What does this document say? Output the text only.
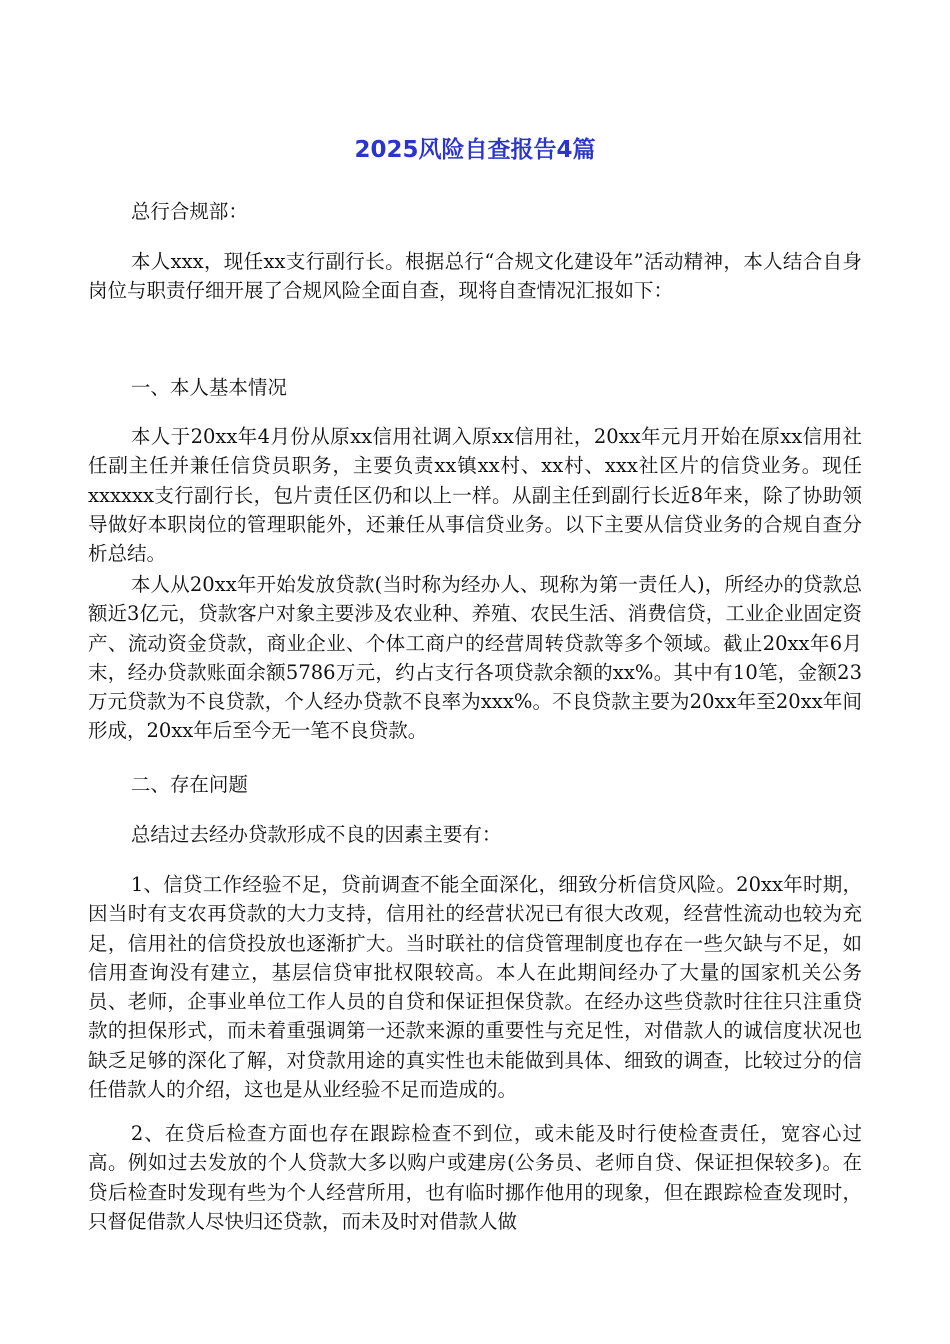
2025风险自查报告4篇

总行合规部：

本人xxx，现任xx支行副行长。根据总行“合规文化建设年”活动精神，本人结合自身岗位与职责仔细开展了合规风险全面自查，现将自查情况汇报如下：

一、本人基本情况

本人于20xx年4月份从原xx信用社调入原xx信用社，20xx年元月开始在原xx信用社任副主任并兼任信贷员职务，主要负责xx镇xx村、xx村、xxx社区片的信贷业务。现任xxxxxx支行副行长，包片责任区仍和以上一样。从副主任到副行长近8年来，除了协助领导做好本职岗位的管理职能外，还兼任从事信贷业务。以下主要从信贷业务的合规自查分析总结。

本人从20xx年开始发放贷款(当时称为经办人、现称为第一责任人)，所经办的贷款总额近3亿元，贷款客户对象主要涉及农业种、养殖、农民生活、消费信贷，工业企业固定资产、流动资金贷款，商业企业、个体工商户的经营周转贷款等多个领域。截止20xx年6月末，经办贷款账面余额5786万元，约占支行各项贷款余额的xx%。其中有10笔，金额23万元贷款为不良贷款，个人经办贷款不良率为xxx%。不良贷款主要为20xx年至20xx年间形成，20xx年后至今无一笔不良贷款。

二、存在问题

总结过去经办贷款形成不良的因素主要有：

1、信贷工作经验不足，贷前调查不能全面深化，细致分析信贷风险。20xx年时期，因当时有支农再贷款的大力支持，信用社的经营状况已有很大改观，经营性流动也较为充足，信用社的信贷投放也逐渐扩大。当时联社的信贷管理制度也存在一些欠缺与不足，如信用查询没有建立，基层信贷审批权限较高。本人在此期间经办了大量的国家机关公务员、老师，企事业单位工作人员的自贷和保证担保贷款。在经办这些贷款时往往只注重贷款的担保形式，而未着重强调第一还款来源的重要性与充足性，对借款人的诚信度状况也缺乏足够的深化了解，对贷款用途的真实性也未能做到具体、细致的调查，比较过分的信任借款人的介绍，这也是从业经验不足而造成的。

2、在贷后检查方面也存在跟踪检查不到位，或未能及时行使检查责任，宽容心过高。例如过去发放的个人贷款大多以购户或建房(公务员、老师自贷、保证担保较多)。在贷后检查时发现有些为个人经营所用，也有临时挪作他用的现象，但在跟踪检查发现时，只督促借款人尽快归还贷款，而未及时对借款人做
